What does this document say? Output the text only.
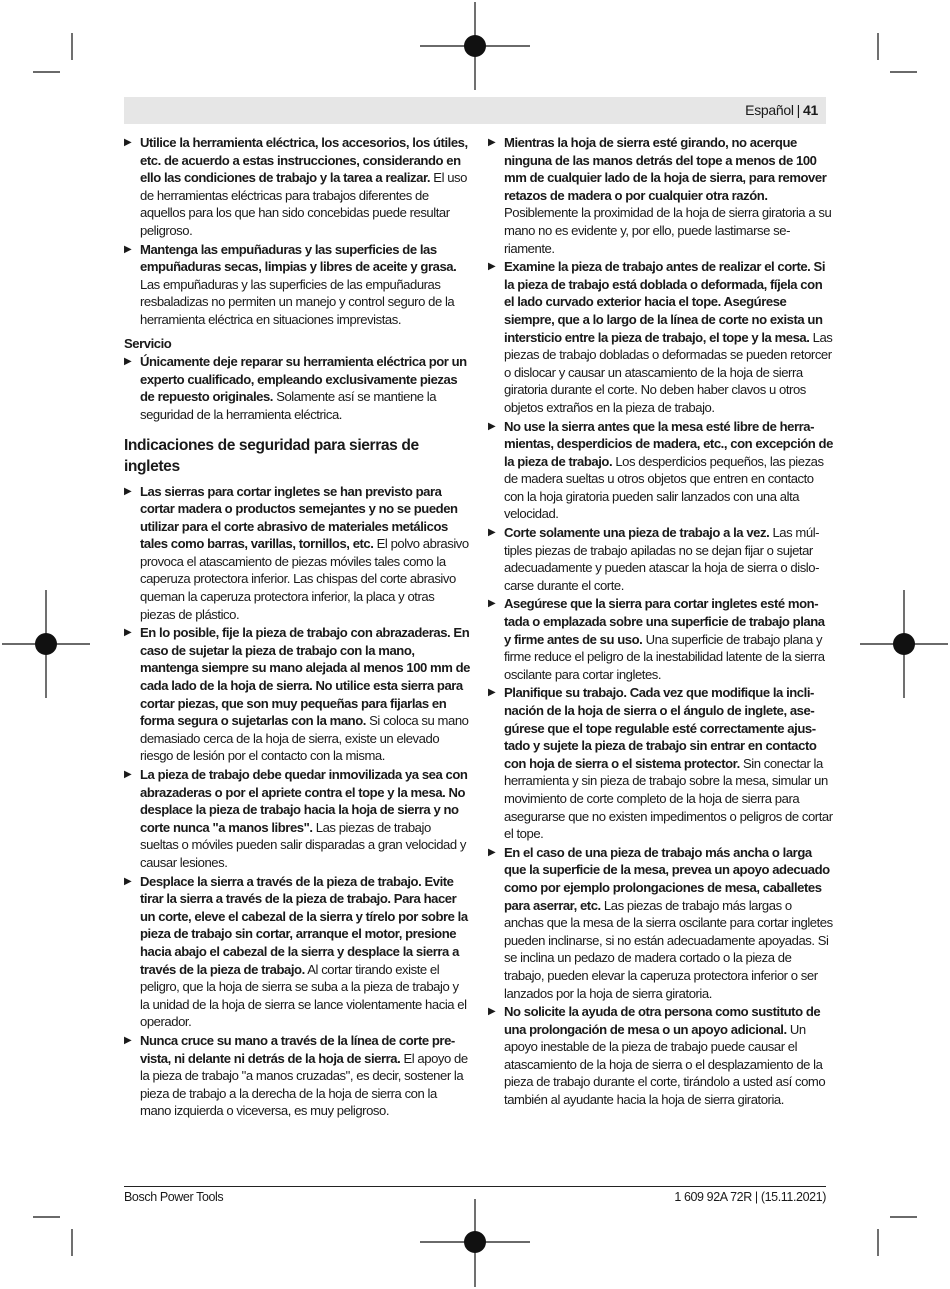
Español | 41
▶ Utilice la herramienta eléctrica, los accesorios, los útiles, etc. de acuerdo a estas instrucciones, considerando en ello las condiciones de trabajo y la tarea a realizar. El uso de herramientas eléctricas para trabajos diferentes de aquellos para los que han sido concebidas puede resultar peligroso.
▶ Mantenga las empuñaduras y las superficies de las empuñaduras secas, limpias y libres de aceite y grasa. Las empuñaduras y las superficies de las empuñaduras resbaladizas no permiten un manejo y control seguro de la herramienta eléctrica en situaciones imprevistas.
Servicio
▶ Únicamente deje reparar su herramienta eléctrica por un experto cualificado, empleando exclusivamente piezas de repuesto originales. Solamente así se mantiene la seguridad de la herramienta eléctrica.
Indicaciones de seguridad para sierras de ingletes
▶ Las sierras para cortar ingletes se han previsto para cortar madera o productos semejantes y no se pueden utilizar para el corte abrasivo de materiales metálicos tales como barras, varillas, tornillos, etc. El polvo abrasivo provoca el atascamiento de piezas móviles tales como la caperuza protectora inferior. Las chispas del corte abrasivo queman la caperuza protectora inferior, la placa y otras piezas de plástico.
▶ En lo posible, fije la pieza de trabajo con abrazaderas. En caso de sujetar la pieza de trabajo con la mano, mantenga siempre su mano alejada al menos 100 mm de cada lado de la hoja de sierra. No utilice esta sierra para cortar piezas, que son muy pequeñas para fijarlas en forma segura o sujetarlas con la mano. Si coloca su mano demasiado cerca de la hoja de sierra, existe un elevado riesgo de lesión por el contacto con la misma.
▶ La pieza de trabajo debe quedar inmovilizada ya sea con abrazaderas o por el apriete contra el tope y la mesa. No desplace la pieza de trabajo hacia la hoja de sierra y no corte nunca "a manos libres". Las piezas de trabajo sueltas o móviles pueden salir disparadas a gran velocidad y causar lesiones.
▶ Desplace la sierra a través de la pieza de trabajo. Evite tirar la sierra a través de la pieza de trabajo. Para hacer un corte, eleve el cabezal de la sierra y tírelo por sobre la pieza de trabajo sin cortar, arranque el motor, presione hacia abajo el cabezal de la sierra y desplace la sierra a través de la pieza de trabajo. Al cortar tirando existe el peligro, que la hoja de sierra se suba a la pieza de trabajo y la unidad de la hoja de sierra se lance violentamente hacia el operador.
▶ Nunca cruce su mano a través de la línea de corte prevista, ni delante ni detrás de la hoja de sierra. El apoyo de la pieza de trabajo "a manos cruzadas", es decir, sostener la pieza de trabajo a la derecha de la hoja de sierra con la mano izquierda o viceversa, es muy peligroso.
▶ Mientras la hoja de sierra esté girando, no acerque ninguna de las manos detrás del tope a menos de 100 mm de cualquier lado de la hoja de sierra, para remover retazos de madera o por cualquier otra razón. Posiblemente la proximidad de la hoja de sierra giratoria a su mano no es evidente y, por ello, puede lastimarse seriamente.
▶ Examine la pieza de trabajo antes de realizar el corte. Si la pieza de trabajo está doblada o deformada, fíjela con el lado curvado exterior hacia el tope. Asegúrese siempre, que a lo largo de la línea de corte no exista un intersticio entre la pieza de trabajo, el tope y la mesa. Las piezas de trabajo dobladas o deformadas se pueden retorcer o dislocar y causar un atascamiento de la hoja de sierra giratoria durante el corte. No deben haber clavos u otros objetos extraños en la pieza de trabajo.
▶ No use la sierra antes que la mesa esté libre de herramientas, desperdicios de madera, etc., con excepción de la pieza de trabajo. Los desperdicios pequeños, las piezas de madera sueltas u otros objetos que entren en contacto con la hoja giratoria pueden salir lanzados con una alta velocidad.
▶ Corte solamente una pieza de trabajo a la vez. Las múltiples piezas de trabajo apiladas no se dejan fijar o sujetar adecuadamente y pueden atascar la hoja de sierra o dislocarse durante el corte.
▶ Asegúrese que la sierra para cortar ingletes esté montada o emplazada sobre una superficie de trabajo plana y firme antes de su uso. Una superficie de trabajo plana y firme reduce el peligro de la inestabilidad latente de la sierra oscilante para cortar ingletes.
▶ Planifique su trabajo. Cada vez que modifique la inclinación de la hoja de sierra o el ángulo de inglete, asegúrese que el tope regulable esté correctamente ajustado y sujete la pieza de trabajo sin entrar en contacto con hoja de sierra o el sistema protector. Sin conectar la herramienta y sin pieza de trabajo sobre la mesa, simular un movimiento de corte completo de la hoja de sierra para asegurarse que no existen impedimentos o peligros de cortar el tope.
▶ En el caso de una pieza de trabajo más ancha o larga que la superficie de la mesa, prevea un apoyo adecuado como por ejemplo prolongaciones de mesa, caballetes para aserrar, etc. Las piezas de trabajo más largas o anchas que la mesa de la sierra oscilante para cortar ingletes pueden inclinarse, si no están adecuadamente apoyadas. Si se inclina un pedazo de madera cortado o la pieza de trabajo, pueden elevar la caperuza protectora inferior o ser lanzados por la hoja de sierra giratoria.
▶ No solicite la ayuda de otra persona como sustituto de una prolongación de mesa o un apoyo adicional. Un apoyo inestable de la pieza de trabajo puede causar el atascamiento de la hoja de sierra o el desplazamiento de la pieza de trabajo durante el corte, tirándolo a usted así como también al ayudante hacia la hoja de sierra giratoria.
Bosch Power Tools	1 609 92A 72R | (15.11.2021)
